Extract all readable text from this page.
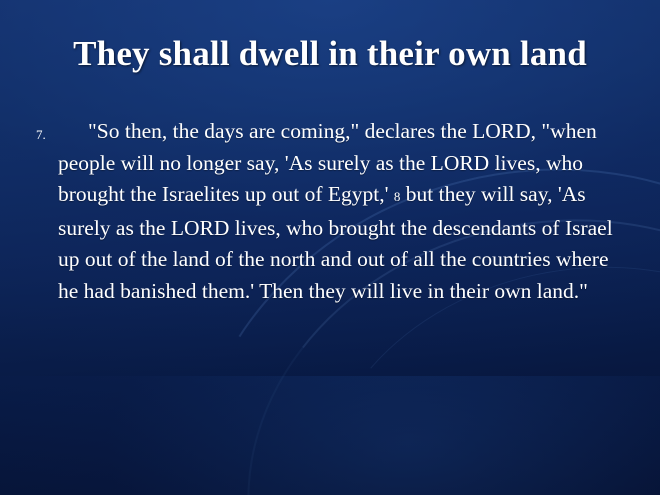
They shall dwell in their own land
7.	"So then, the days are coming," declares the LORD, "when people will no longer say, 'As surely as the LORD lives, who brought the Israelites up out of Egypt,' 8 but they will say, 'As surely as the LORD lives, who brought the descendants of Israel up out of the land of the north and out of all the countries where he had banished them.' Then they will live in their own land."
